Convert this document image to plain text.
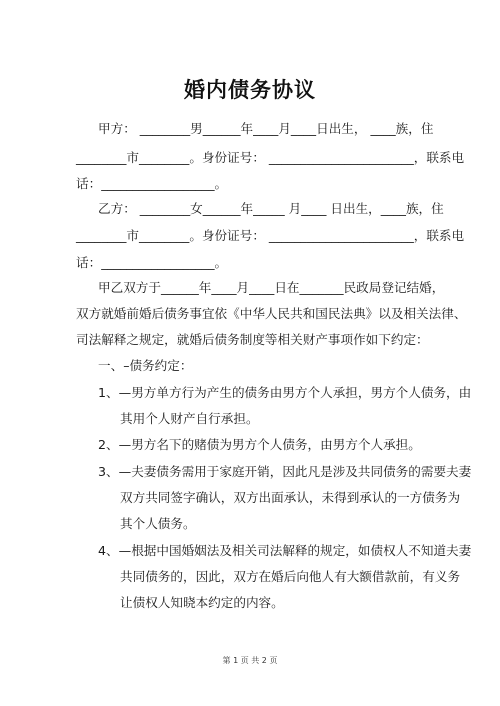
婚内债务协议
甲方： ________男______年____月____日出生， ____族，住
________市________。身份证号： _______________________，联系电
话：__________________。
乙方： ________女______年_____ 月____ 日出生，____族，住
________市________。身份证号： _______________________，联系电
话：__________________。
甲乙双方于______年____月____日在_______民政局登记结婚，
双方就婚前婚后债务事宜依《中华人民共和国民法典》以及相关法律、
司法解释之规定，就婚后债务制度等相关财产事项作如下约定：
一、–债务约定：
1、—男方单方行为产生的债务由男方个人承担，男方个人债务，由
其用个人财产自行承担。
2、—男方名下的赌债为男方个人债务，由男方个人承担。
3、—夫妻债务需用于家庭开销，因此凡是涉及共同债务的需要夫妻
双方共同签字确认，双方出面承认，未得到承认的一方债务为
其个人债务。
4、—根据中国婚姻法及相关司法解释的规定，如债权人不知道夫妻
共同债务的，因此，双方在婚后向他人有大额借款前，有义务
让债权人知晓本约定的内容。
第 1 页 共 2 页
